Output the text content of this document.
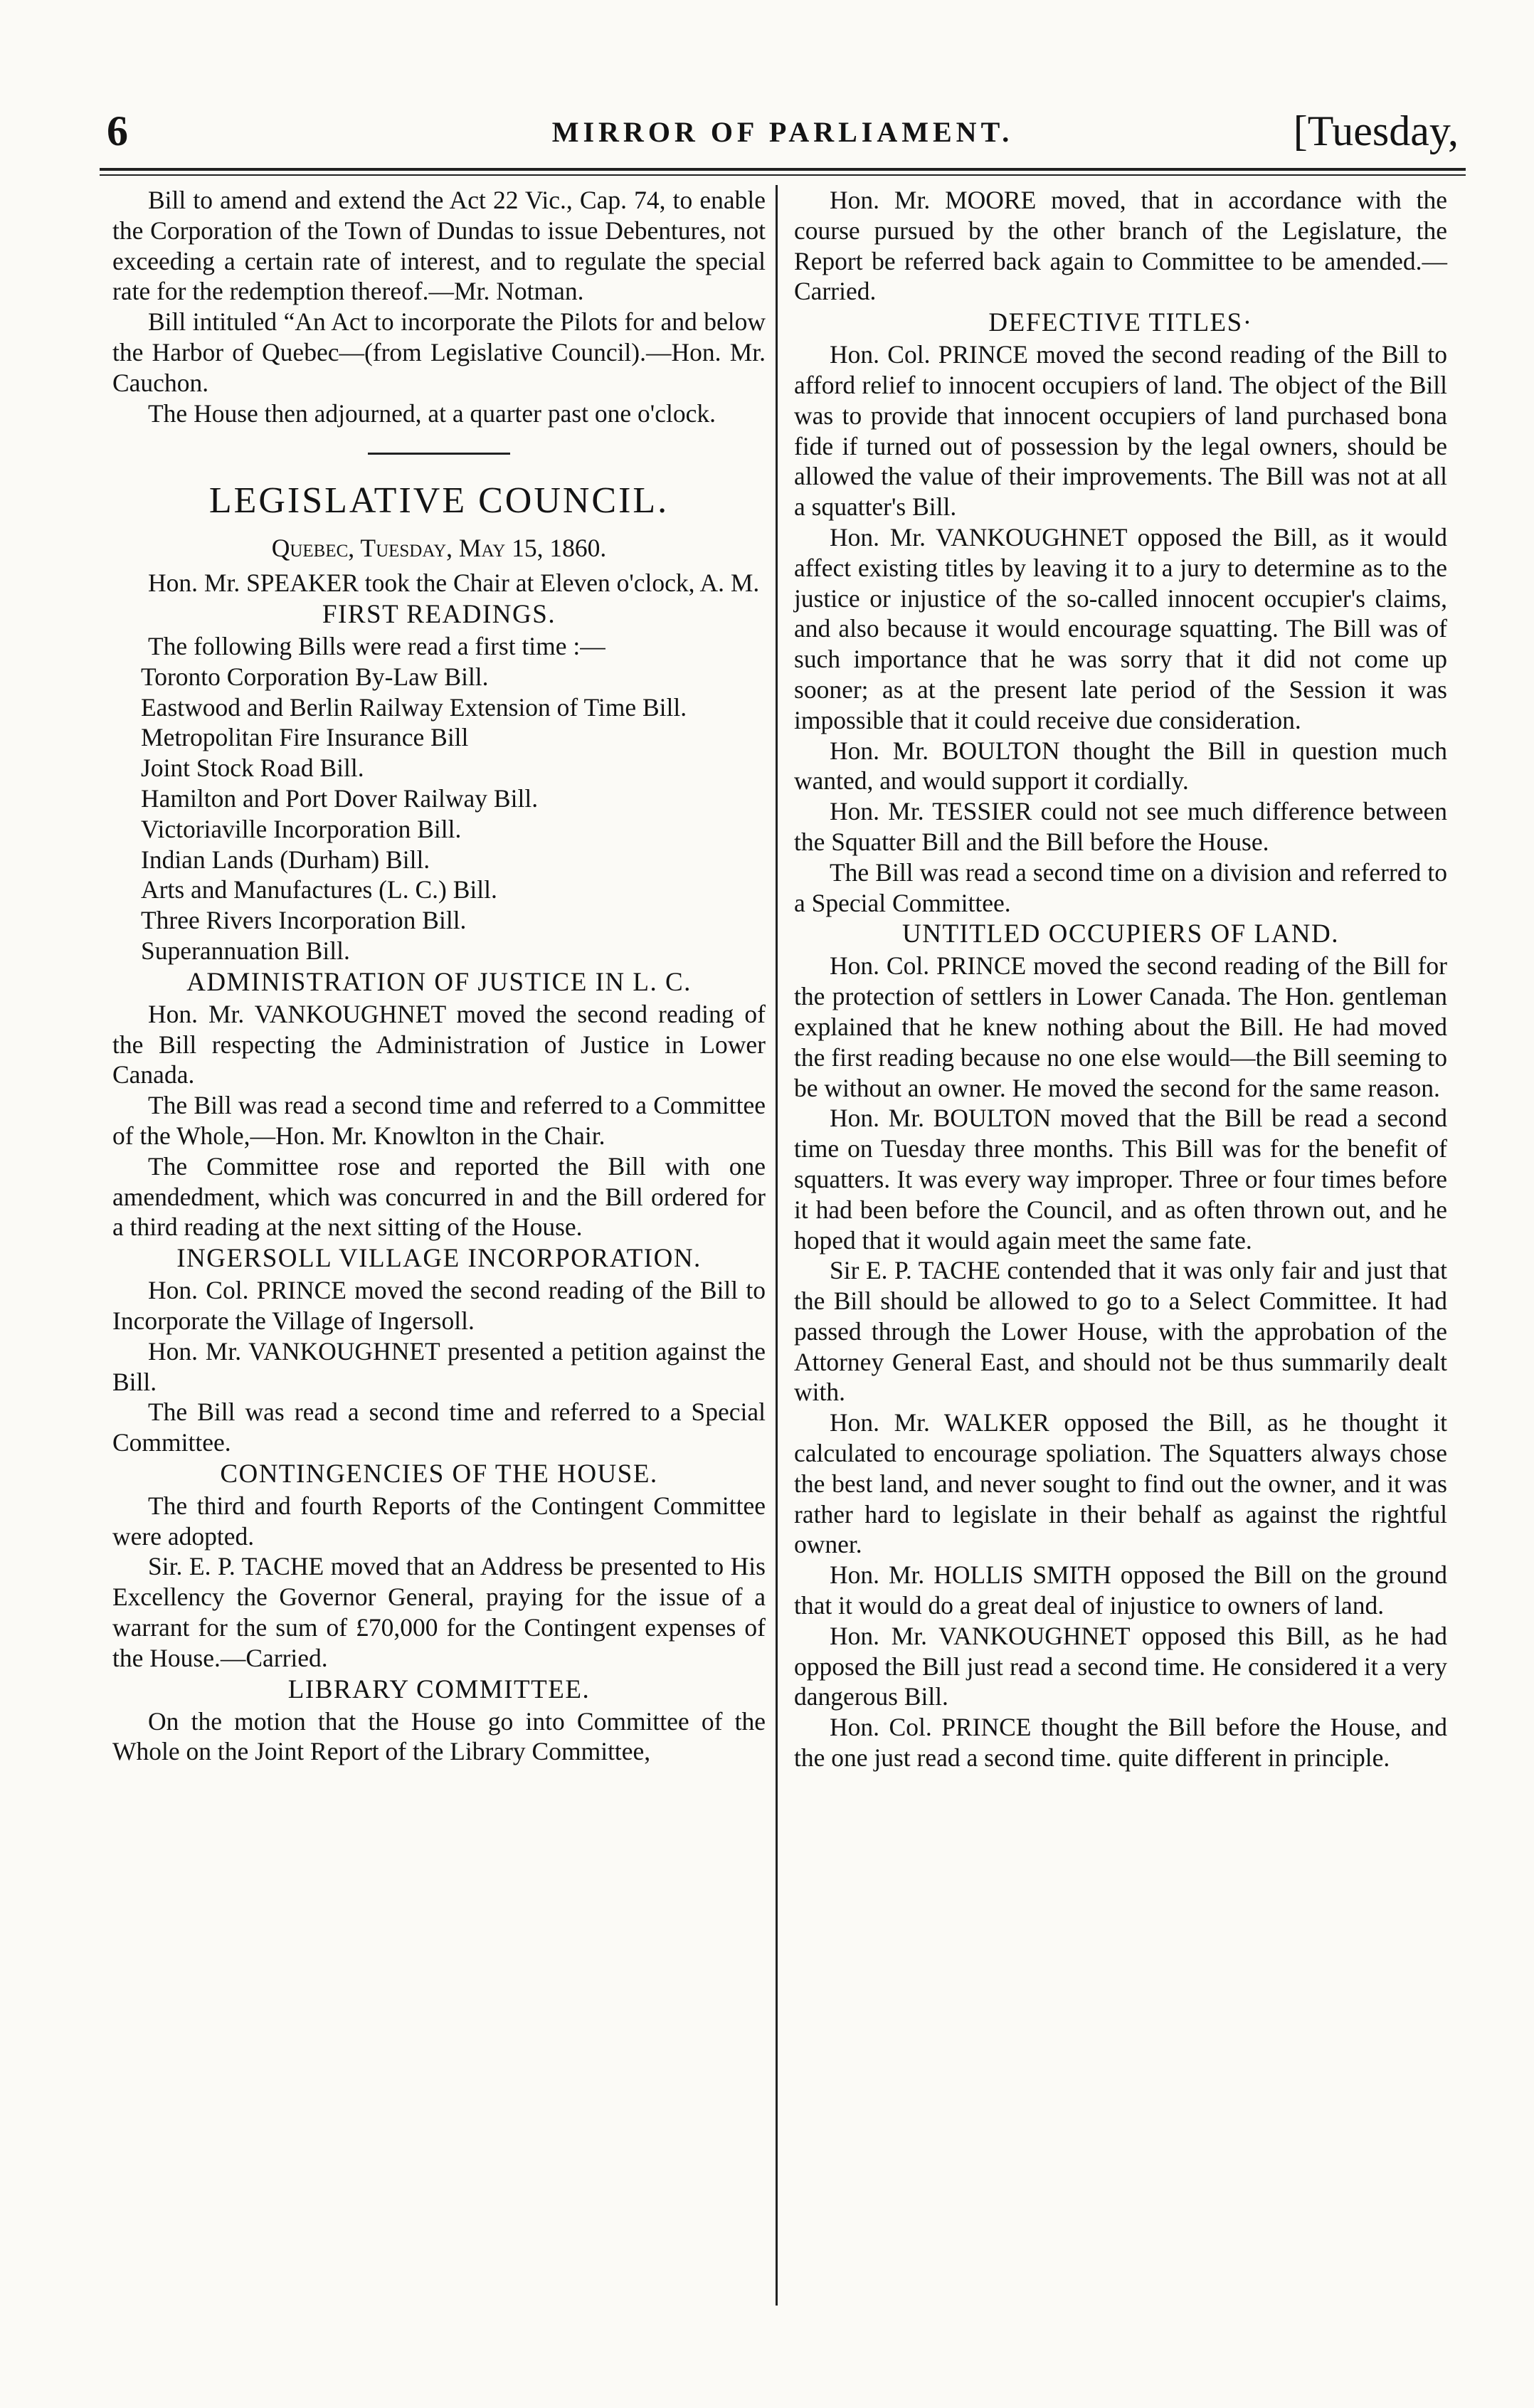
6	MIRROR OF PARLIAMENT.	[Tuesday,

Bill to amend and extend the Act 22 Vic., Cap. 74, to enable the Corporation of the Town of Dundas to issue Debentures, not exceeding a certain rate of interest, and to regulate the special rate for the redemption thereof.—Mr. Notman.

Bill intituled “An Act to incorporate the Pilots for and below the Harbor of Quebec—(from Legislative Council).—Hon. Mr. Cauchon.

The House then adjourned, at a quarter past one o'clock.

LEGISLATIVE COUNCIL.

Quebec, Tuesday, May 15, 1860.

Hon. Mr. SPEAKER took the Chair at Eleven o'clock, A. M.

FIRST READINGS.

The following Bills were read a first time :—

Toronto Corporation By-Law Bill.
Eastwood and Berlin Railway Extension of Time Bill.
Metropolitan Fire Insurance Bill
Joint Stock Road Bill.
Hamilton and Port Dover Railway Bill.
Victoriaville Incorporation Bill.
Indian Lands (Durham) Bill.
Arts and Manufactures (L. C.) Bill.
Three Rivers Incorporation Bill.
Superannuation Bill.
ADMINISTRATION OF JUSTICE IN L. C.

Hon. Mr. VANKOUGHNET moved the second reading of the Bill respecting the Administration of Justice in Lower Canada.

The Bill was read a second time and referred to a Committee of the Whole,—Hon. Mr. Knowlton in the Chair.

The Committee rose and reported the Bill with one amendedment, which was concurred in and the Bill ordered for a third reading at the next sitting of the House.

INGERSOLL VILLAGE INCORPORATION.

Hon. Col. PRINCE moved the second reading of the Bill to Incorporate the Village of Ingersoll.

Hon. Mr. VANKOUGHNET presented a petition against the Bill.

The Bill was read a second time and referred to a Special Committee.

CONTINGENCIES OF THE HOUSE.

The third and fourth Reports of the Contingent Committee were adopted.

Sir. E. P. TACHE moved that an Address be presented to His Excellency the Governor General, praying for the issue of a warrant for the sum of £70,000 for the Contingent expenses of the House.—Carried.

LIBRARY COMMITTEE.

On the motion that the House go into Committee of the Whole on the Joint Report of the Library Committee,

Hon. Mr. MOORE moved, that in accordance with the course pursued by the other branch of the Legislature, the Report be referred back again to Committee to be amended.—Carried.

DEFECTIVE TITLES·

Hon. Col. PRINCE moved the second reading of the Bill to afford relief to innocent occupiers of land. The object of the Bill was to provide that innocent occupiers of land purchased bona fide if turned out of possession by the legal owners, should be allowed the value of their improvements. The Bill was not at all a squatter's Bill.

Hon. Mr. VANKOUGHNET opposed the Bill, as it would affect existing titles by leaving it to a jury to determine as to the justice or injustice of the so-called innocent occupier's claims, and also because it would encourage squatting. The Bill was of such importance that he was sorry that it did not come up sooner; as at the present late period of the Session it was impossible that it could receive due consideration.

Hon. Mr. BOULTON thought the Bill in question much wanted, and would support it cordially.

Hon. Mr. TESSIER could not see much difference between the Squatter Bill and the Bill before the House.

The Bill was read a second time on a division and referred to a Special Committee.

UNTITLED OCCUPIERS OF LAND.

Hon. Col. PRINCE moved the second reading of the Bill for the protection of settlers in Lower Canada. The Hon. gentleman explained that he knew nothing about the Bill. He had moved the first reading because no one else would—the Bill seeming to be without an owner. He moved the second for the same reason.

Hon. Mr. BOULTON moved that the Bill be read a second time on Tuesday three months. This Bill was for the benefit of squatters. It was every way improper. Three or four times before it had been before the Council, and as often thrown out, and he hoped that it would again meet the same fate.

Sir E. P. TACHE contended that it was only fair and just that the Bill should be allowed to go to a Select Committee. It had passed through the Lower House, with the approbation of the Attorney General East, and should not be thus summarily dealt with.

Hon. Mr. WALKER opposed the Bill, as he thought it calculated to encourage spoliation. The Squatters always chose the best land, and never sought to find out the owner, and it was rather hard to legislate in their behalf as against the rightful owner.

Hon. Mr. HOLLIS SMITH opposed the Bill on the ground that it would do a great deal of injustice to owners of land.

Hon. Mr. VANKOUGHNET opposed this Bill, as he had opposed the Bill just read a second time. He considered it a very dangerous Bill.

Hon. Col. PRINCE thought the Bill before the House, and the one just read a second time. quite different in principle.
